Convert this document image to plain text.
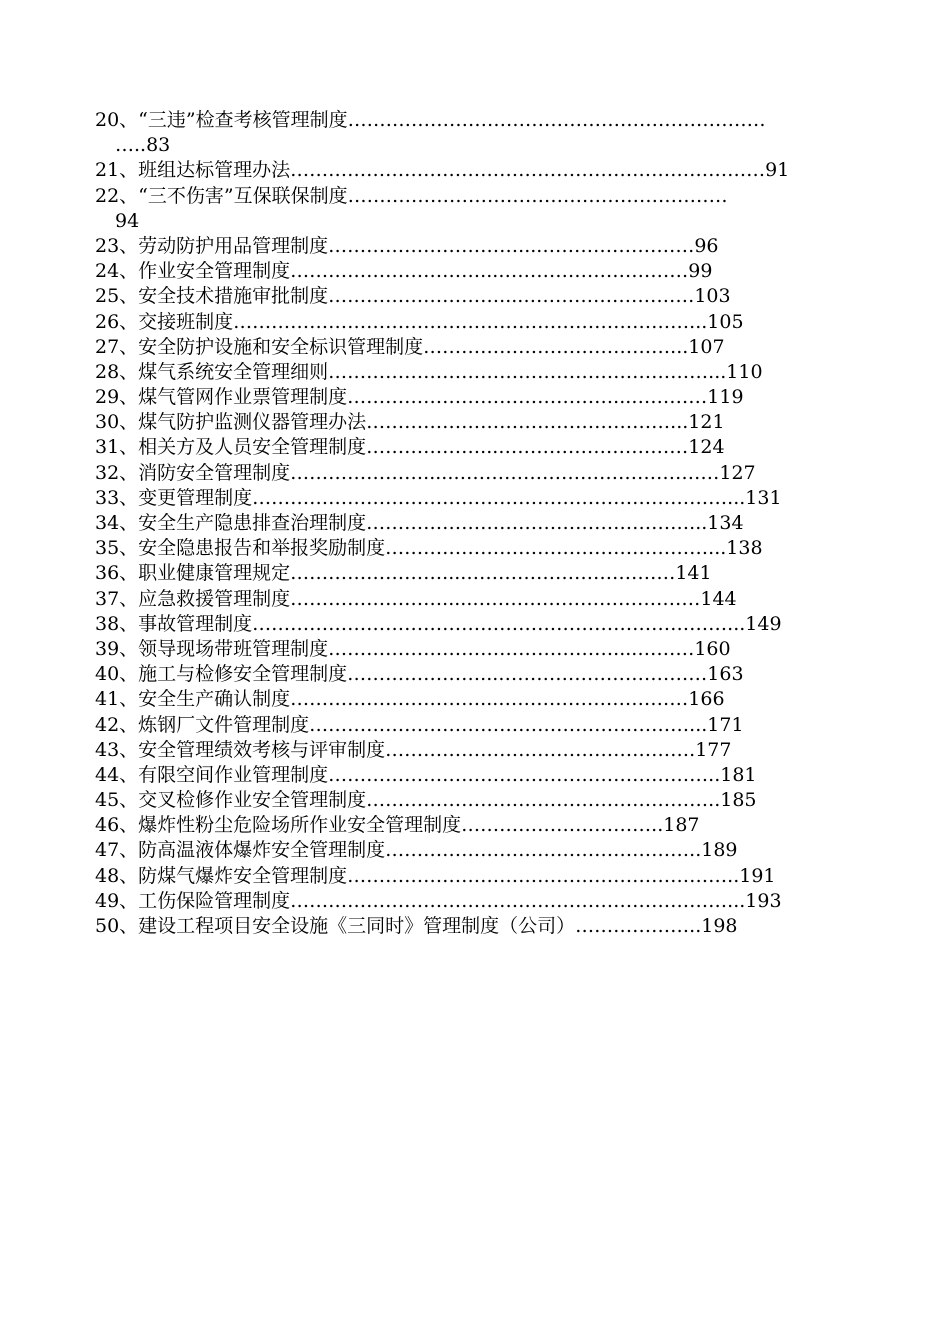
20、“三违”检查考核管理制度…………………………………………………………
…..83
21、班组达标管理办法…………………………………………………………………91
22、“三不伤害”互保联保制度……………………………………………………
94
23、劳动防护用品管理制度…………………………....……………………96
24、作业安全管理制度…………………………...…………………………99
25、安全技术措施审批制度………………………....………………………103
26、交接班制度………………………………………………………………...105
27、安全防护设施和安全标识管理制度…………………………………...107
28、煤气系统安全管理细则……………………………………………………...110
29、煤气管网作业票管理制度……………………………………...…………119
30、煤气防护监测仪器管理办法…………………………………………...121
31、相关方及人员安全管理制度………………...…………………………124
32、消防安全管理制度………………….....……………………………………127
33、变更管理制度…………………………………………………………………...131
34、安全生产隐患排查治理制度……………………………………………...134
35、安全隐患报告和举报奖励制度……………………………………………...138
36、职业健康管理规定……………………....……………………………141
37、应急救援管理制度…………………….....………………………………144
38、事故管理制度…………………………………………………………………...149
39、领导现场带班管理制度………………………………………....………160
40、施工与检修安全管理制度…………………...……………………………163
41、安全生产确认制度…………………………...…………………………166
42、炼钢厂文件管理制度……………………………………………………...171
43、安全管理绩效考核与评审制度………………………………………….177
44、有限空间作业管理制度……………………………………………………..181
45、交叉检修作业安全管理制度………………………………………………..185
46、爆炸性粉尘危险场所作业安全管理制度…………………………..187
47、防高温液体爆炸安全管理制度…………………………………………..189
48、防煤气爆炸安全管理制度……………………………………………………..191
49、工伤保险管理制度……………………………………………………………...193
50、建设工程项目安全设施《三同时》管理制度（公司）………………..198
